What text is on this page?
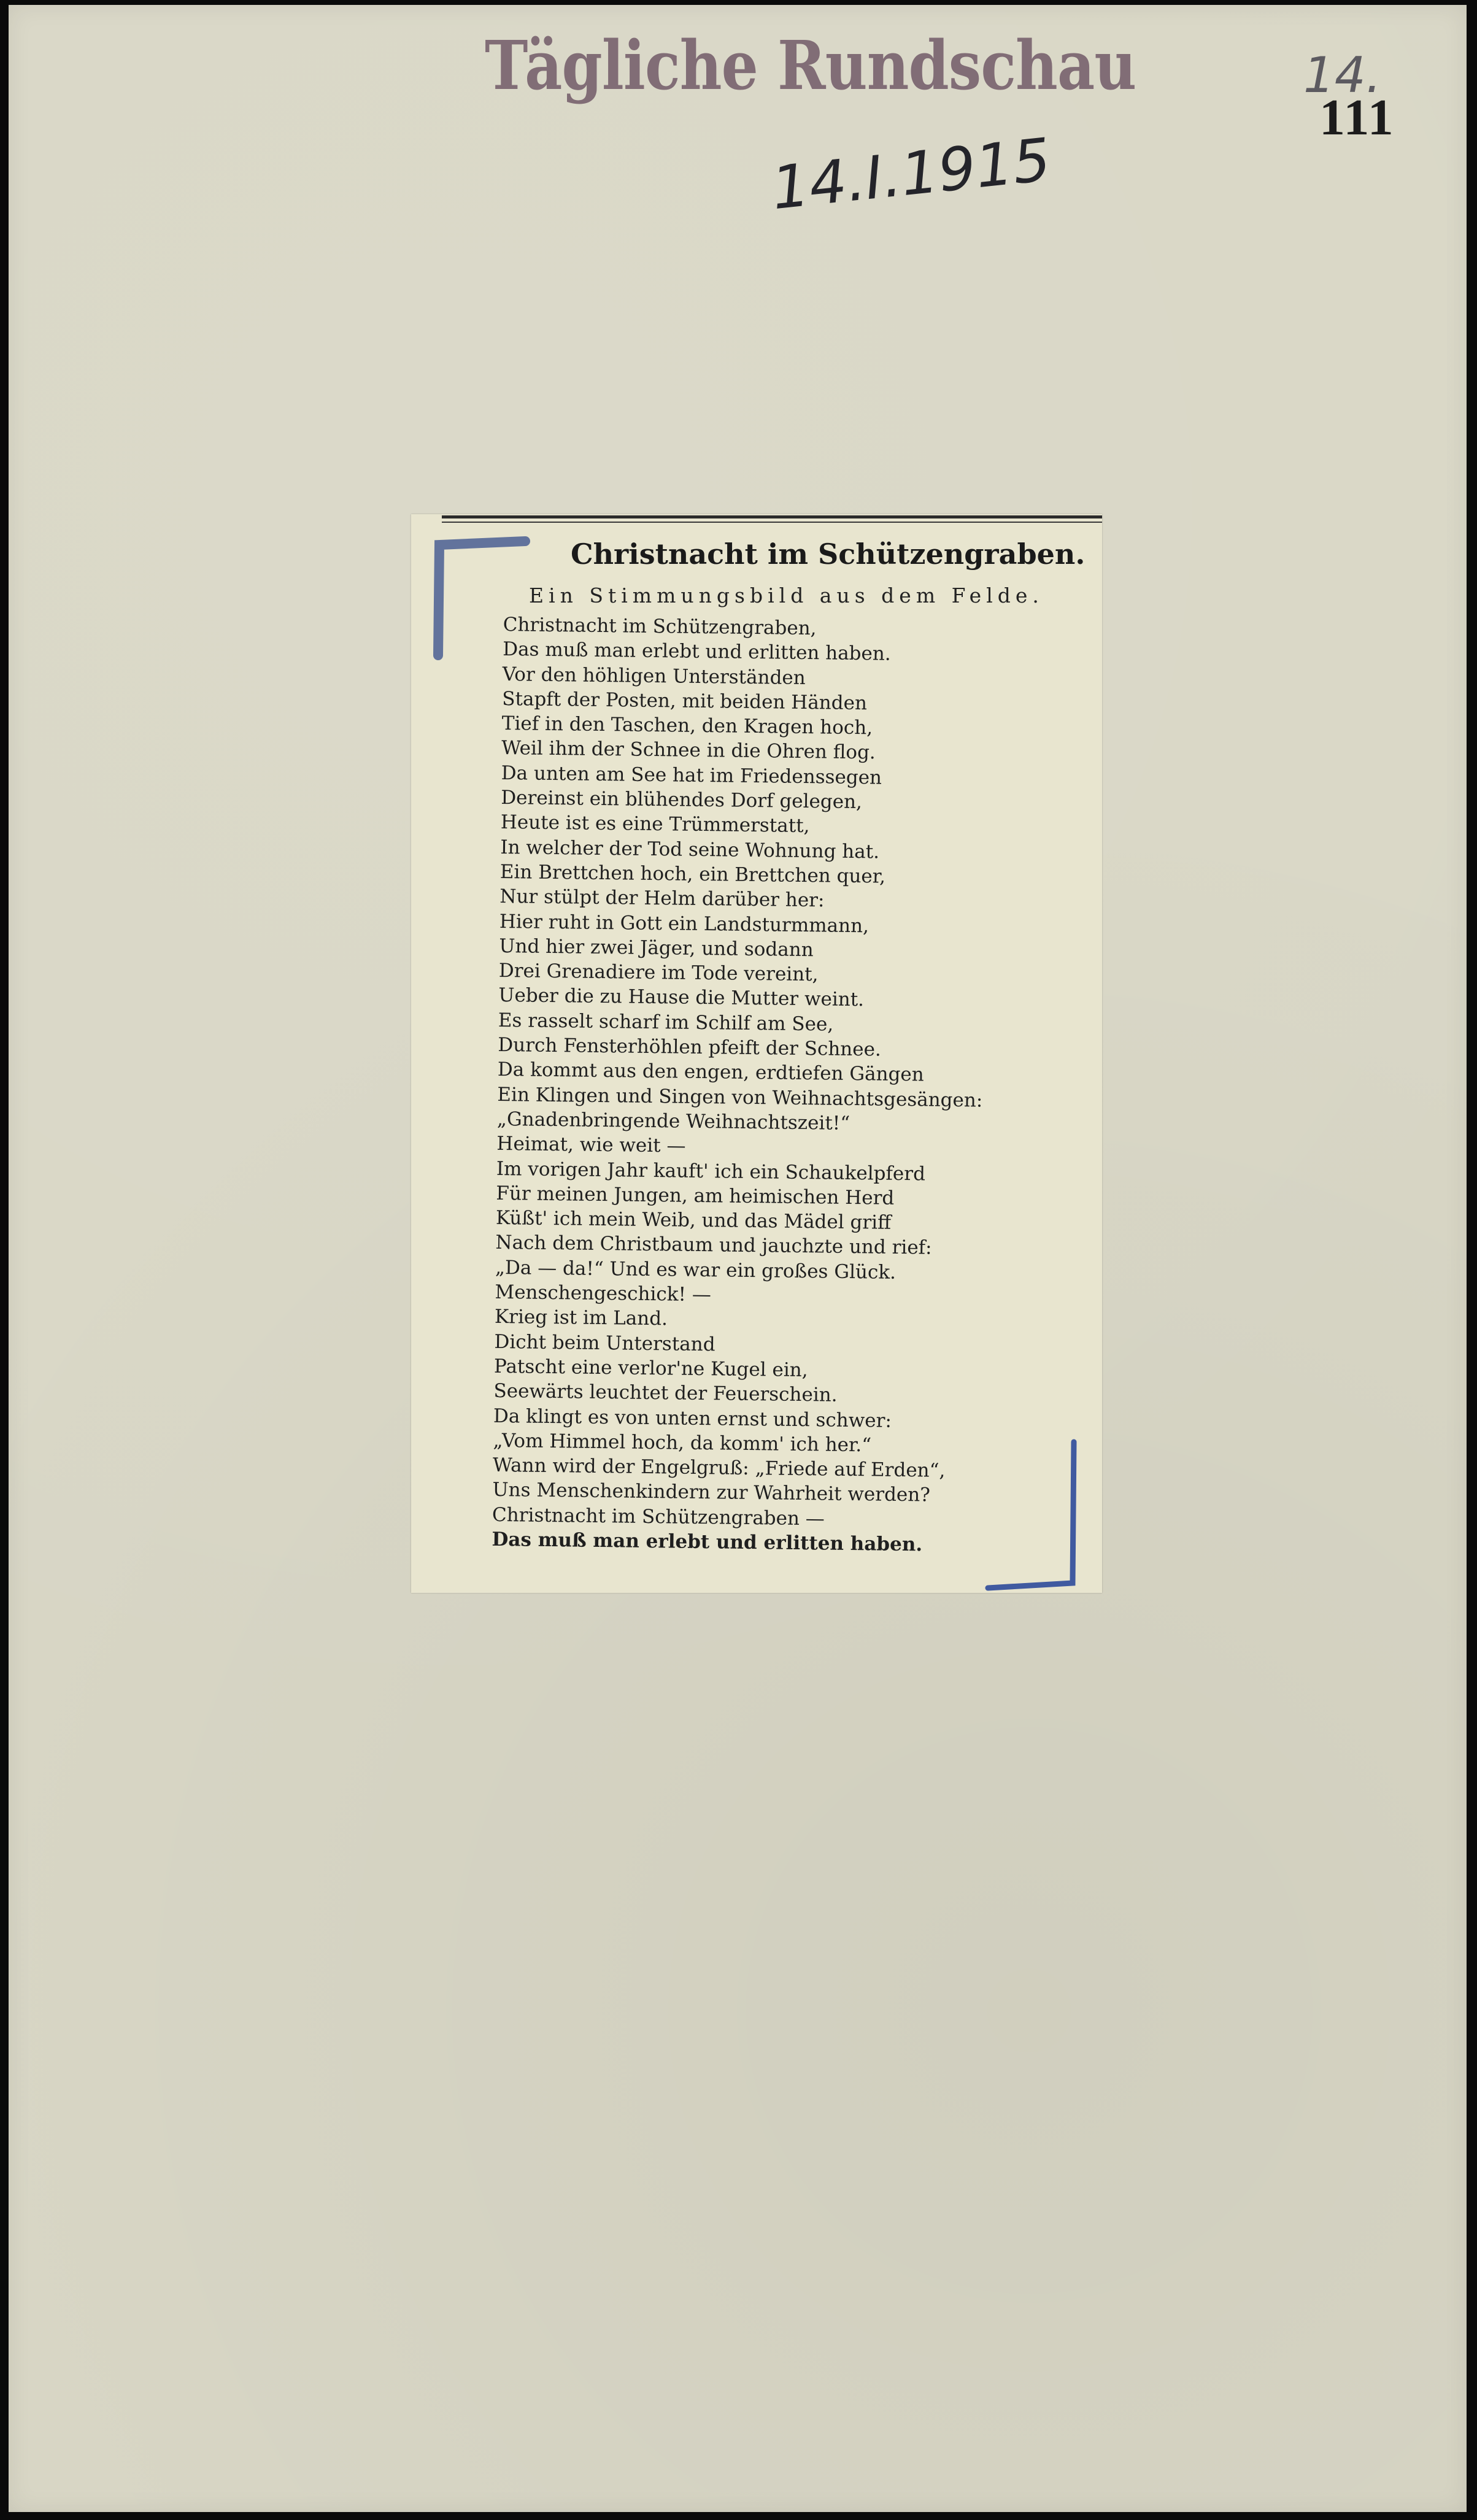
Tägliche Rundschau	14.
111
14.I.1915
Christnacht im Schützengraben.
Ein Stimmungsbild aus dem Felde.
Christnacht im Schützengraben,
Das muß man erlebt und erlitten haben.
Vor den höhligen Unterständen
Stapft der Posten, mit beiden Händen
Tief in den Taschen, den Kragen hoch,
Weil ihm der Schnee in die Ohren flog.
Da unten am See hat im Friedenssegen
Dereinst ein blühendes Dorf gelegen,
Heute ist es eine Trümmerstatt,
In welcher der Tod seine Wohnung hat.
Ein Brettchen hoch, ein Brettchen quer,
Nur stülpt der Helm darüber her:
Hier ruht in Gott ein Landsturmmann,
Und hier zwei Jäger, und sodann
Drei Grenadiere im Tode vereint,
Ueber die zu Hause die Mutter weint.
Es rasselt scharf im Schilf am See,
Durch Fensterhöhlen pfeift der Schnee.
Da kommt aus den engen, erdtiefen Gängen
Ein Klingen und Singen von Weihnachtsgesängen:
„Gnadenbringende Weihnachtszeit!“
Heimat, wie weit —
Im vorigen Jahr kauft' ich ein Schaukelpferd
Für meinen Jungen, am heimischen Herd
Küßt' ich mein Weib, und das Mädel griff
Nach dem Christbaum und jauchzte und rief:
„Da — da!“ Und es war ein großes Glück.
Menschengeschick! —
Krieg ist im Land.
Dicht beim Unterstand
Patscht eine verlor'ne Kugel ein,
Seewärts leuchtet der Feuerschein.
Da klingt es von unten ernst und schwer:
„Vom Himmel hoch, da komm' ich her.“
Wann wird der Engelgruß: „Friede auf Erden“,
Uns Menschenkindern zur Wahrheit werden?
Christnacht im Schützengraben —
Das muß man erlebt und erlitten haben.
